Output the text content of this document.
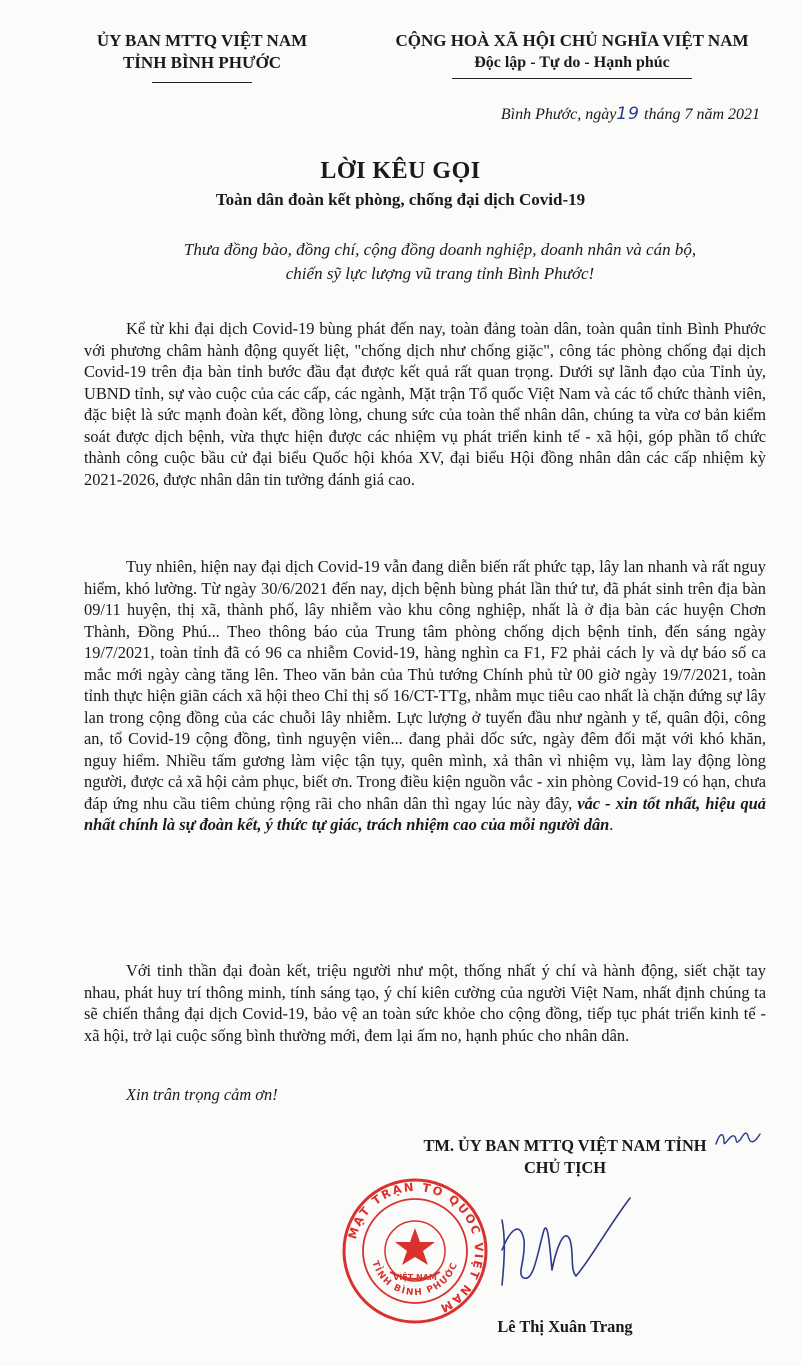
ỦY BAN MTTQ VIỆT NAM
TỈNH BÌNH PHƯỚC
CỘNG HOÀ XÃ HỘI CHỦ NGHĨA VIỆT NAM
Độc lập - Tự do - Hạnh phúc
Bình Phước, ngày19 tháng 7 năm 2021
LỜI KÊU GỌI
Toàn dân đoàn kết phòng, chống đại dịch Covid-19
Thưa đồng bào, đồng chí, cộng đồng doanh nghiệp, doanh nhân và cán bộ,
chiến sỹ lực lượng vũ trang tỉnh Bình Phước!

Kể từ khi đại dịch Covid-19 bùng phát đến nay, toàn đảng toàn dân, toàn quân tỉnh Bình Phước với phương châm hành động quyết liệt, "chống dịch như chống giặc", công tác phòng chống đại dịch Covid-19 trên địa bàn tỉnh bước đầu đạt được kết quả rất quan trọng. Dưới sự lãnh đạo của Tỉnh ủy, UBND tỉnh, sự vào cuộc của các cấp, các ngành, Mặt trận Tổ quốc Việt Nam và các tổ chức thành viên, đặc biệt là sức mạnh đoàn kết, đồng lòng, chung sức của toàn thể nhân dân, chúng ta vừa cơ bản kiểm soát được dịch bệnh, vừa thực hiện được các nhiệm vụ phát triển kinh tế - xã hội, góp phần tổ chức thành công cuộc bầu cử đại biểu Quốc hội khóa XV, đại biểu Hội đồng nhân dân các cấp nhiệm kỳ 2021-2026, được nhân dân tin tưởng đánh giá cao.

Tuy nhiên, hiện nay đại dịch Covid-19 vẫn đang diễn biến rất phức tạp, lây lan nhanh và rất nguy hiểm, khó lường. Từ ngày 30/6/2021 đến nay, dịch bệnh bùng phát lần thứ tư, đã phát sinh trên địa bàn 09/11 huyện, thị xã, thành phố, lây nhiễm vào khu công nghiệp, nhất là ở địa bàn các huyện Chơn Thành, Đồng Phú... Theo thông báo của Trung tâm phòng chống dịch bệnh tỉnh, đến sáng ngày 19/7/2021, toàn tỉnh đã có 96 ca nhiễm Covid-19, hàng nghìn ca F1, F2 phải cách ly và dự báo số ca mắc mới ngày càng tăng lên. Theo văn bản của Thủ tướng Chính phủ từ 00 giờ ngày 19/7/2021, toàn tỉnh thực hiện giãn cách xã hội theo Chỉ thị số 16/CT-TTg, nhằm mục tiêu cao nhất là chặn đứng sự lây lan trong cộng đồng của các chuỗi lây nhiễm. Lực lượng ở tuyến đầu như ngành y tế, quân đội, công an, tổ Covid-19 cộng đồng, tình nguyện viên... đang phải dốc sức, ngày đêm đối mặt với khó khăn, nguy hiểm. Nhiều tấm gương làm việc tận tụy, quên mình, xả thân vì nhiệm vụ, làm lay động lòng người, được cả xã hội cảm phục, biết ơn. Trong điều kiện nguồn vắc - xin phòng Covid-19 có hạn, chưa đáp ứng nhu cầu tiêm chủng rộng rãi cho nhân dân thì ngay lúc này đây, vắc - xin tốt nhất, hiệu quả nhất chính là sự đoàn kết, ý thức tự giác, trách nhiệm cao của mỗi người dân.

Với tinh thần đại đoàn kết, triệu người như một, thống nhất ý chí và hành động, siết chặt tay nhau, phát huy trí thông minh, tính sáng tạo, ý chí kiên cường của người Việt Nam, nhất định chúng ta sẽ chiến thắng đại dịch Covid-19, bảo vệ an toàn sức khỏe cho cộng đồng, tiếp tục phát triển kinh tế - xã hội, trở lại cuộc sống bình thường mới, đem lại ấm no, hạnh phúc cho nhân dân.

Xin trân trọng cảm ơn!
TM. ỦY BAN MTTQ VIỆT NAM TỈNH
CHỦ TỊCH
MẶT TRẬN TỔ QUỐC VIỆT NAM
TỈNH BÌNH PHƯỚC
VIỆT NAM
Lê Thị Xuân Trang
